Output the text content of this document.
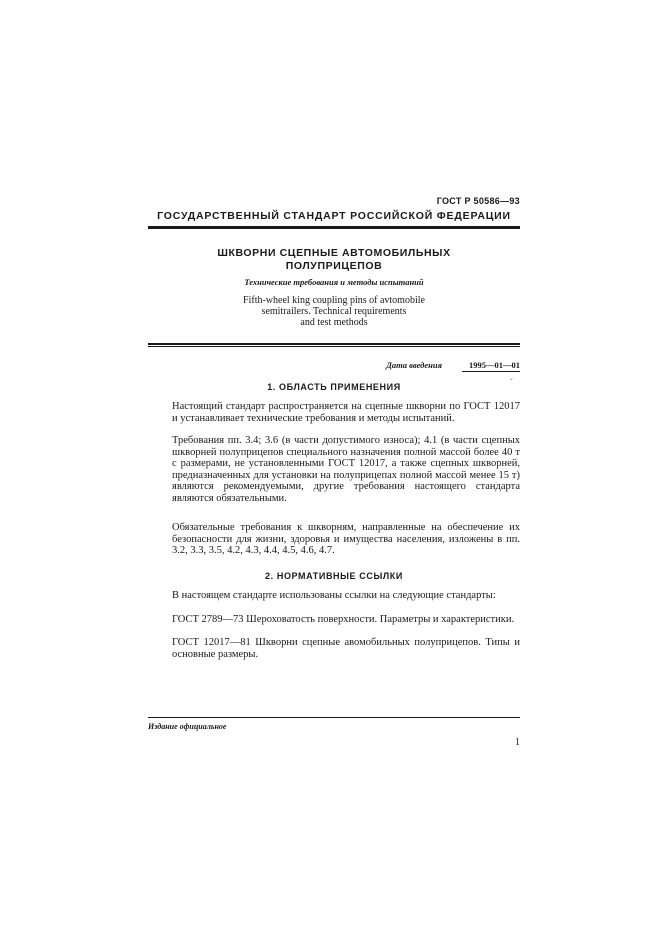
ГОСТ Р 50586—93
ГОСУДАРСТВЕННЫЙ СТАНДАРТ РОССИЙСКОЙ ФЕДЕРАЦИИ
ШКВОРНИ СЦЕПНЫЕ АВТОМОБИЛЬНЫХ
ПОЛУПРИЦЕПОВ
Технические требования и методы испытаний
Fifth-wheel king coupling pins of avtomobile
semitrailers. Technical requirements
and test methods
Дата введения	1995—01—01
˘
1. ОБЛАСТЬ ПРИМЕНЕНИЯ
Настоящий стандарт распространяется на сцепные шкворни по ГОСТ 12017 и устанавливает технические требования и методы испытаний.
Требования пп. 3.4; 3.6 (в части допустимого износа); 4.1 (в части сцепных шкворней полуприцепов специального назначения полной массой более 40 т с размерами, не установленными ГОСТ 12017, а также сцепных шкворней, предназначенных для установки на полуприцепах полной массой менее 15 т) являются рекомендуемыми, другие требования настоящего стандарта являются обязательными.
Обязательные требования к шкворням, направленные на обеспечение их безопасности для жизни, здоровья и имущества населения, изложены в пп. 3.2, 3.3, 3.5, 4.2, 4.3, 4.4, 4.5, 4.6, 4.7.
2. НОРМАТИВНЫЕ ССЫЛКИ
В настоящем стандарте использованы ссылки на следующие стандарты:
ГОСТ 2789—73 Шероховатость поверхности. Параметры и характеристики.
ГОСТ 12017—81 Шкворни сцепные авомобильных полуприцепов. Типы и основные размеры.
Издание официальное
1
